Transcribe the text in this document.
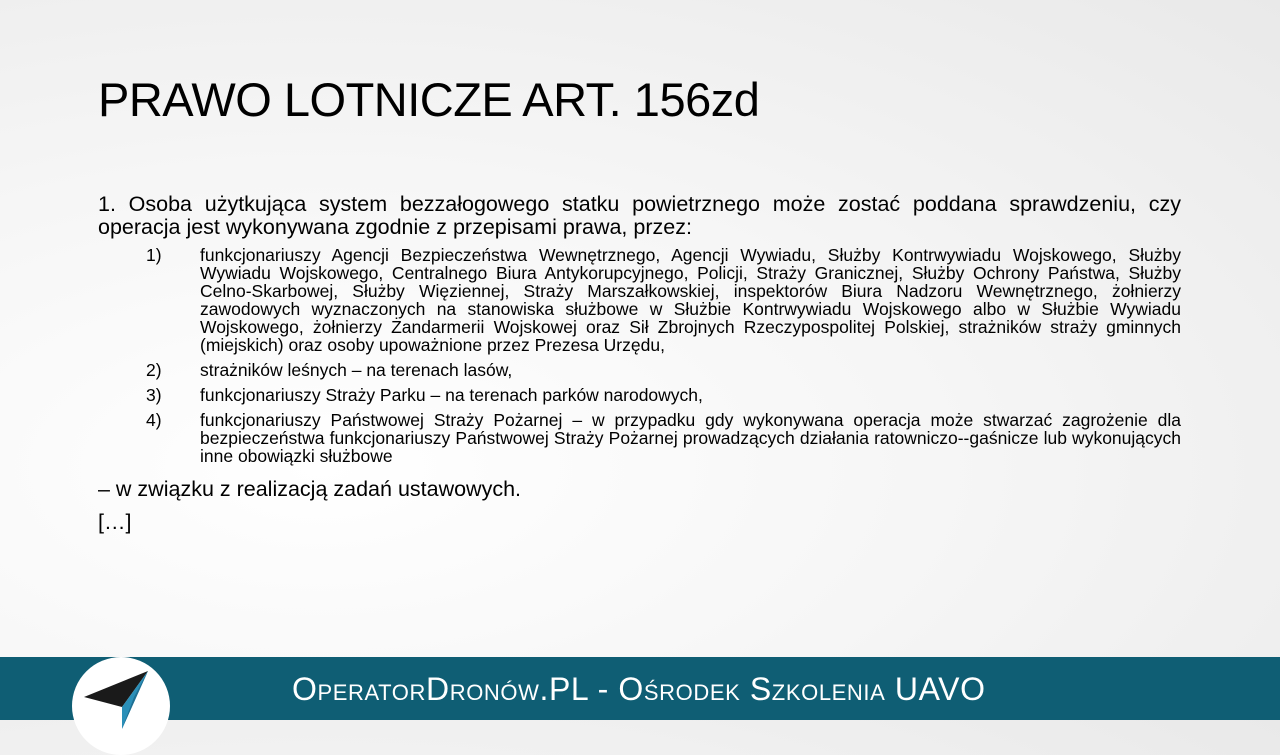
PRAWO LOTNICZE ART. 156zd

1. Osoba użytkująca system bezzałogowego statku powietrznego może zostać poddana sprawdzeniu, czy operacja jest wykonywana zgodnie z przepisami prawa, przez:

1)	funkcjonariuszy Agencji Bezpieczeństwa Wewnętrznego, Agencji Wywiadu, Służby Kontrwywiadu Wojskowego, Służby Wywiadu Wojskowego, Centralnego Biura Antykorupcyjnego, Policji, Straży Granicznej, Służby Ochrony Państwa, Służby Celno-Skarbowej, Służby Więziennej, Straży Marszałkowskiej, inspektorów Biura Nadzoru Wewnętrznego, żołnierzy zawodowych wyznaczonych na stanowiska służbowe w Służbie Kontrwywiadu Wojskowego albo w Służbie Wywiadu Wojskowego, żołnierzy Żandarmerii Wojskowej oraz Sił Zbrojnych Rzeczypospolitej Polskiej, strażników straży gminnych (miejskich) oraz osoby upoważnione przez Prezesa Urzędu,
2)	strażników leśnych – na terenach lasów,
3)	funkcjonariuszy Straży Parku – na terenach parków narodowych,
4)	funkcjonariuszy Państwowej Straży Pożarnej – w przypadku gdy wykonywana operacja może stwarzać zagrożenie dla bezpieczeństwa funkcjonariuszy Państwowej Straży Pożarnej prowadzących działania ratowniczo--gaśnicze lub wykonujących inne obowiązki służbowe

– w związku z realizacją zadań ustawowych.

[…]

OperatorDronów.PL - Ośrodek Szkolenia UAVO
